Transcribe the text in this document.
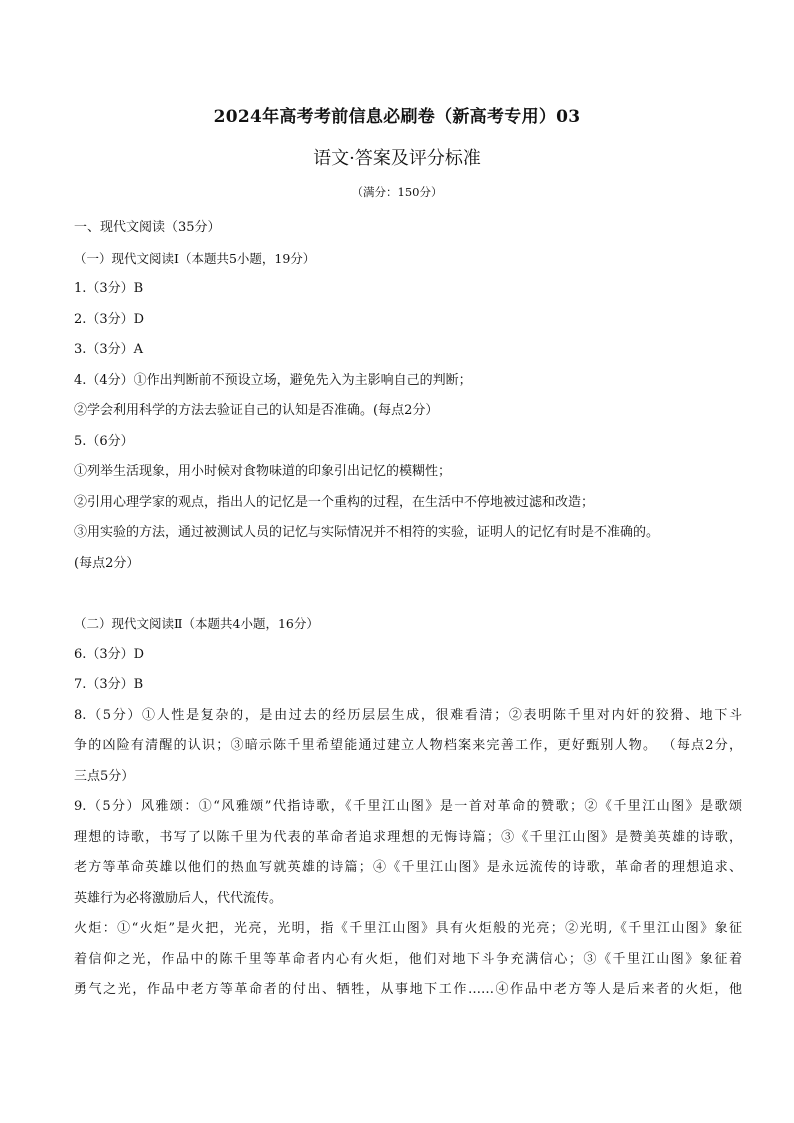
2024年高考考前信息必刷卷（新高考专用）03
语文·答案及评分标准
（满分：150分）
一、现代文阅读（35分）
（一）现代文阅读Ⅰ（本题共5小题，19分）
1.（3分）B
2.（3分）D
3.（3分）A
4.（4分）①作出判断前不预设立场，避免先入为主影响自己的判断；
②学会利用科学的方法去验证自己的认知是否准确。(每点2分）
5.（6分）
①列举生活现象，用小时候对食物味道的印象引出记忆的模糊性；
②引用心理学家的观点，指出人的记忆是一个重构的过程，在生活中不停地被过滤和改造；
③用实验的方法，通过被测试人员的记忆与实际情况并不相符的实验，证明人的记忆有时是不准确的。
(每点2分）
（二）现代文阅读Ⅱ（本题共4小题，16分）
6.（3分）D
7.（3分）B
8.（5分）①人性是复杂的，是由过去的经历层层生成，很难看清；②表明陈千里对内奸的狡猾、地下斗
争的凶险有清醒的认识；③暗示陈千里希望能通过建立人物档案来完善工作，更好甄别人物。 （每点2分，
三点5分）
9.（5分）风雅颂：①“风雅颂”代指诗歌，《千里江山图》是一首对革命的赞歌；②《千里江山图》是歌颂
理想的诗歌，书写了以陈千里为代表的革命者追求理想的无悔诗篇；③《千里江山图》是赞美英雄的诗歌，
老方等革命英雄以他们的热血写就英雄的诗篇；④《千里江山图》是永远流传的诗歌，革命者的理想追求、
英雄行为必将激励后人，代代流传。
火炬：①“火炬”是火把，光亮，光明，指《千里江山图》具有火炬般的光亮；②光明,《千里江山图》象征
着信仰之光，作品中的陈千里等革命者内心有火炬，他们对地下斗争充满信心；③《千里江山图》象征着
勇气之光，作品中老方等革命者的付出、牺牲，从事地下工作……④作品中老方等人是后来者的火炬，他
